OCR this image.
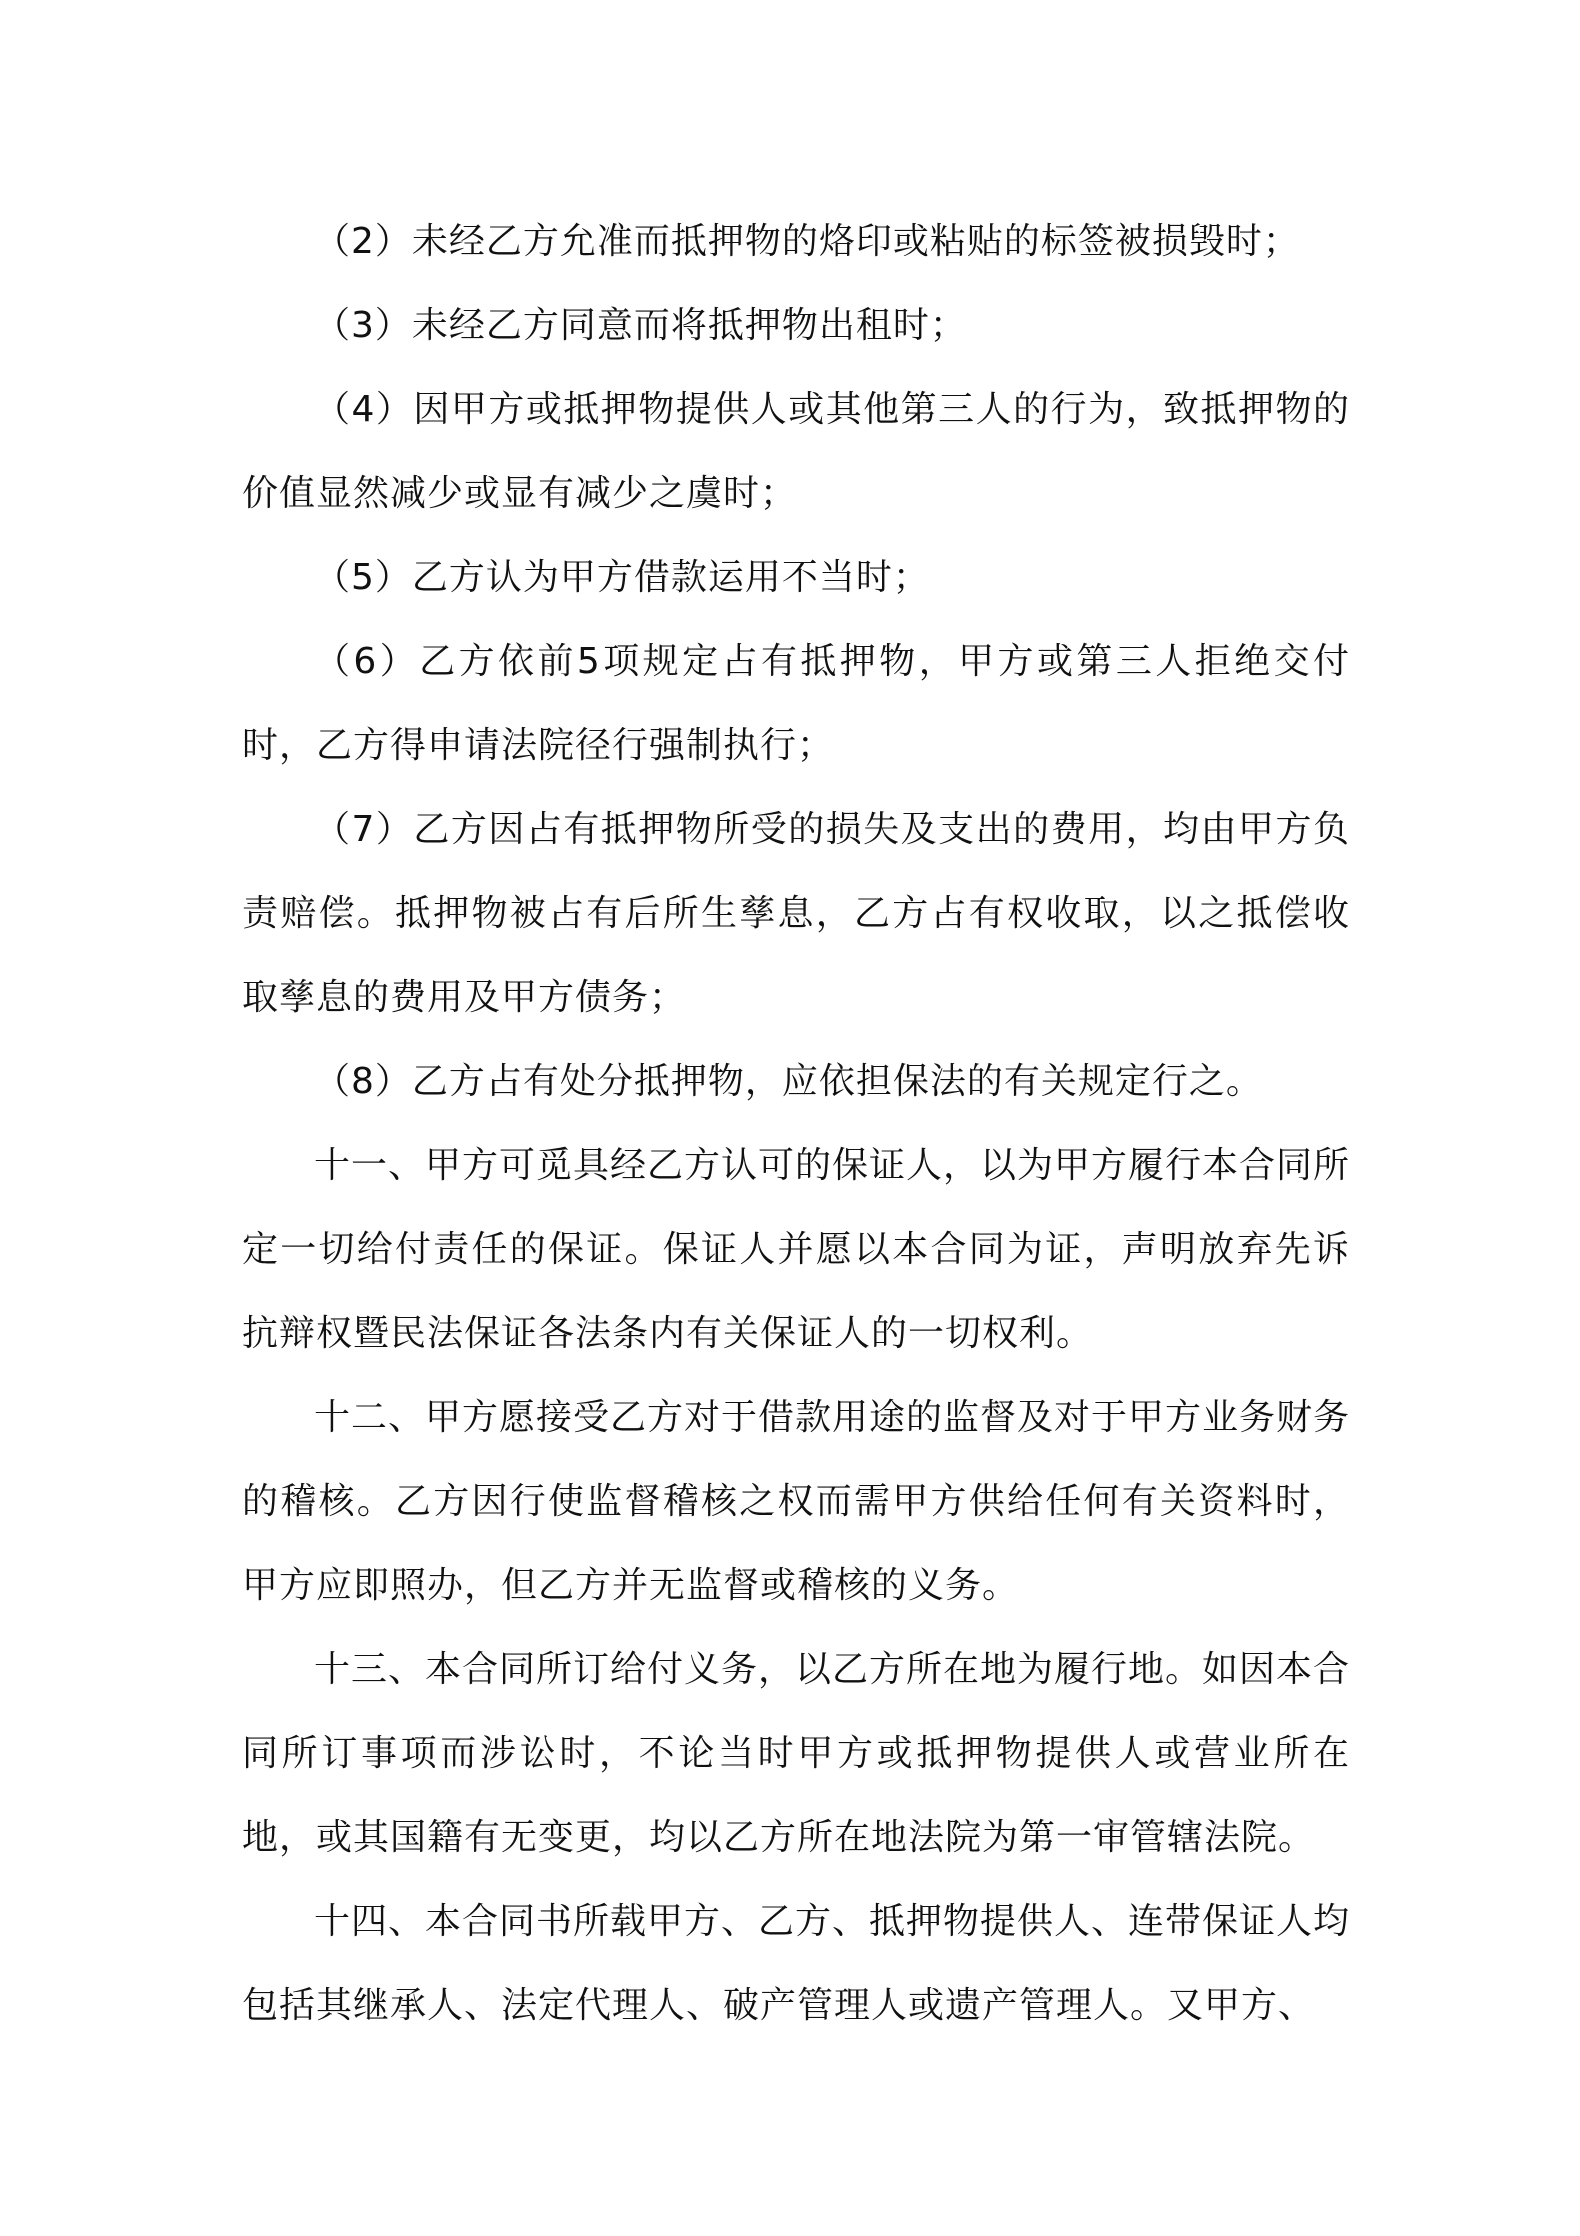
（2）未经乙方允准而抵押物的烙印或粘贴的标签被损毁时；

（3）未经乙方同意而将抵押物出租时；

（4）因甲方或抵押物提供人或其他第三人的行为，致抵押物的价值显然减少或显有减少之虞时；

（5）乙方认为甲方借款运用不当时；

（6）乙方依前5项规定占有抵押物，甲方或第三人拒绝交付时，乙方得申请法院径行强制执行；

（7）乙方因占有抵押物所受的损失及支出的费用，均由甲方负责赔偿。抵押物被占有后所生孳息，乙方占有权收取，以之抵偿收取孳息的费用及甲方债务；

（8）乙方占有处分抵押物，应依担保法的有关规定行之。

十一、甲方可觅具经乙方认可的保证人，以为甲方履行本合同所定一切给付责任的保证。保证人并愿以本合同为证，声明放弃先诉抗辩权暨民法保证各法条内有关保证人的一切权利。

十二、甲方愿接受乙方对于借款用途的监督及对于甲方业务财务的稽核。乙方因行使监督稽核之权而需甲方供给任何有关资料时，甲方应即照办，但乙方并无监督或稽核的义务。

十三、本合同所订给付义务，以乙方所在地为履行地。如因本合同所订事项而涉讼时，不论当时甲方或抵押物提供人或营业所在地，或其国籍有无变更，均以乙方所在地法院为第一审管辖法院。

十四、本合同书所载甲方、乙方、抵押物提供人、连带保证人均包括其继承人、法定代理人、破产管理人或遗产管理人。又甲方、
